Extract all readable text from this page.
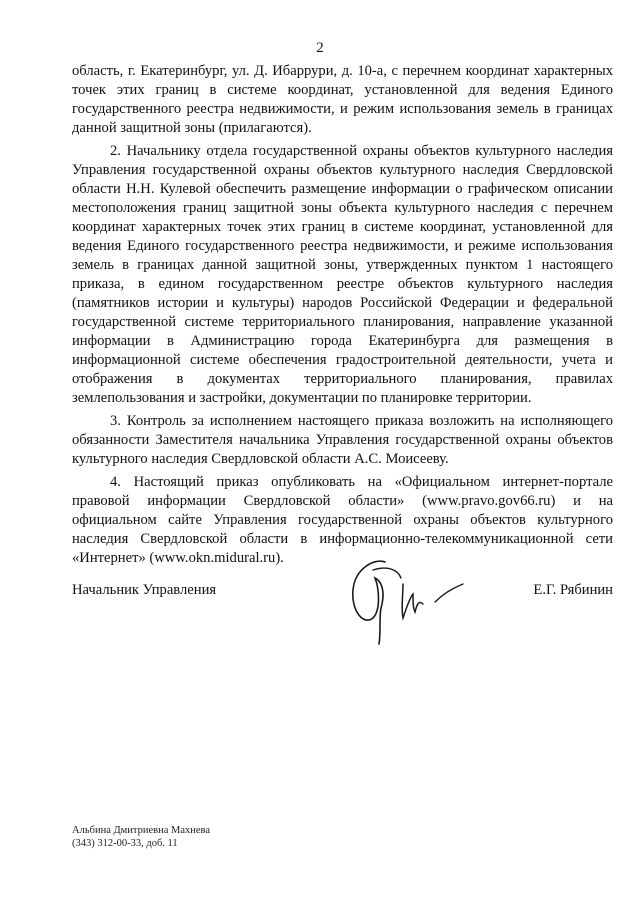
2

область, г. Екатеринбург, ул. Д. Ибаррури, д. 10-а, с перечнем координат характерных точек этих границ в системе координат, установленной для ведения Единого государственного реестра недвижимости, и режим использования земель в границах данной защитной зоны (прилагаются).

2. Начальнику отдела государственной охраны объектов культурного наследия Управления государственной охраны объектов культурного наследия Свердловской области Н.Н. Кулевой обеспечить размещение информации о графическом описании местоположения границ защитной зоны объекта культурного наследия с перечнем координат характерных точек этих границ в системе координат, установленной для ведения Единого государственного реестра недвижимости, и режиме использования земель в границах данной защитной зоны, утвержденных пунктом 1 настоящего приказа, в едином государственном реестре объектов культурного наследия (памятников истории и культуры) народов Российской Федерации и федеральной государственной системе территориального планирования, направление указанной информации в Администрацию города Екатеринбурга для размещения в информационной системе обеспечения градостроительной деятельности, учета и отображения в документах территориального планирования, правилах землепользования и застройки, документации по планировке территории.

3. Контроль за исполнением настоящего приказа возложить на исполняющего обязанности Заместителя начальника Управления государственной охраны объектов культурного наследия Свердловской области А.С. Моисееву.

4. Настоящий приказ опубликовать на «Официальном интернет-портале правовой информации Свердловской области» (www.pravo.gov66.ru) и на официальном сайте Управления государственной охраны объектов культурного наследия Свердловской области в информационно-телекоммуникационной сети «Интернет» (www.okn.midural.ru).

Начальник Управления	Е.Г. Рябинин
Альбина Дмитриевна Махнева
(343) 312-00-33, доб. 11
